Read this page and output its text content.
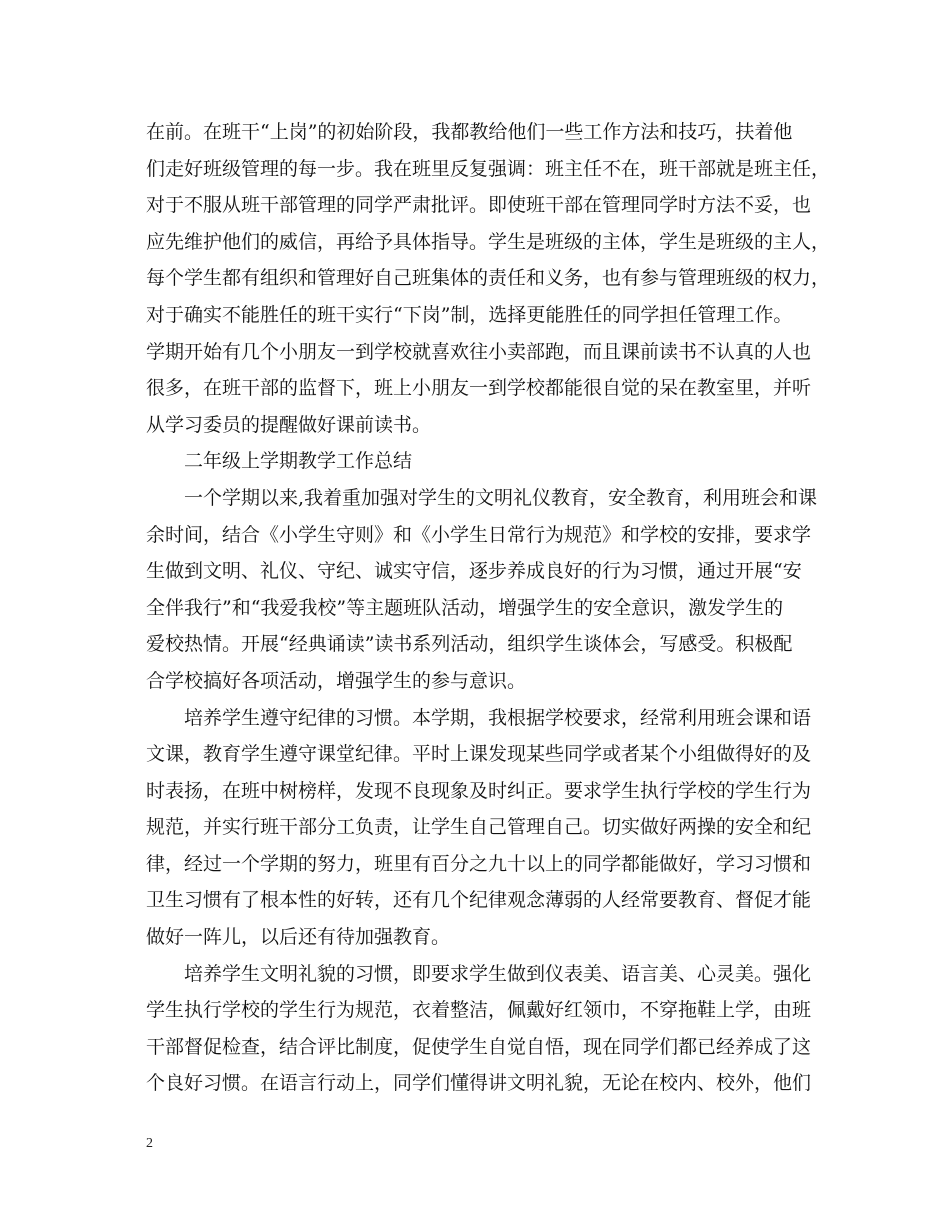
在前。在班干“上岗”的初始阶段，我都教给他们一些工作方法和技巧，扶着他
们走好班级管理的每一步。我在班里反复强调：班主任不在，班干部就是班主任，
对于不服从班干部管理的同学严肃批评。即使班干部在管理同学时方法不妥，也
应先维护他们的威信，再给予具体指导。学生是班级的主体，学生是班级的主人，
每个学生都有组织和管理好自己班集体的责任和义务，也有参与管理班级的权力，
对于确实不能胜任的班干实行“下岗”制，选择更能胜任的同学担任管理工作。
学期开始有几个小朋友一到学校就喜欢往小卖部跑，而且课前读书不认真的人也
很多，在班干部的监督下，班上小朋友一到学校都能很自觉的呆在教室里，并听
从学习委员的提醒做好课前读书。
二年级上学期教学工作总结
一个学期以来,我着重加强对学生的文明礼仪教育，安全教育，利用班会和课
余时间，结合《小学生守则》和《小学生日常行为规范》和学校的安排，要求学
生做到文明、礼仪、守纪、诚实守信，逐步养成良好的行为习惯，通过开展“安
全伴我行”和“我爱我校”等主题班队活动，增强学生的安全意识，激发学生的
爱校热情。开展“经典诵读”读书系列活动，组织学生谈体会，写感受。积极配
合学校搞好各项活动，增强学生的参与意识。
培养学生遵守纪律的习惯。本学期，我根据学校要求，经常利用班会课和语
文课，教育学生遵守课堂纪律。平时上课发现某些同学或者某个小组做得好的及
时表扬，在班中树榜样，发现不良现象及时纠正。要求学生执行学校的学生行为
规范，并实行班干部分工负责，让学生自己管理自己。切实做好两操的安全和纪
律，经过一个学期的努力，班里有百分之九十以上的同学都能做好，学习习惯和
卫生习惯有了根本性的好转，还有几个纪律观念薄弱的人经常要教育、督促才能
做好一阵儿，以后还有待加强教育。
培养学生文明礼貌的习惯，即要求学生做到仪表美、语言美、心灵美。强化
学生执行学校的学生行为规范，衣着整洁，佩戴好红领巾，不穿拖鞋上学，由班
干部督促检查，结合评比制度，促使学生自觉自悟，现在同学们都已经养成了这
个良好习惯。在语言行动上，同学们懂得讲文明礼貌，无论在校内、校外，他们
2
